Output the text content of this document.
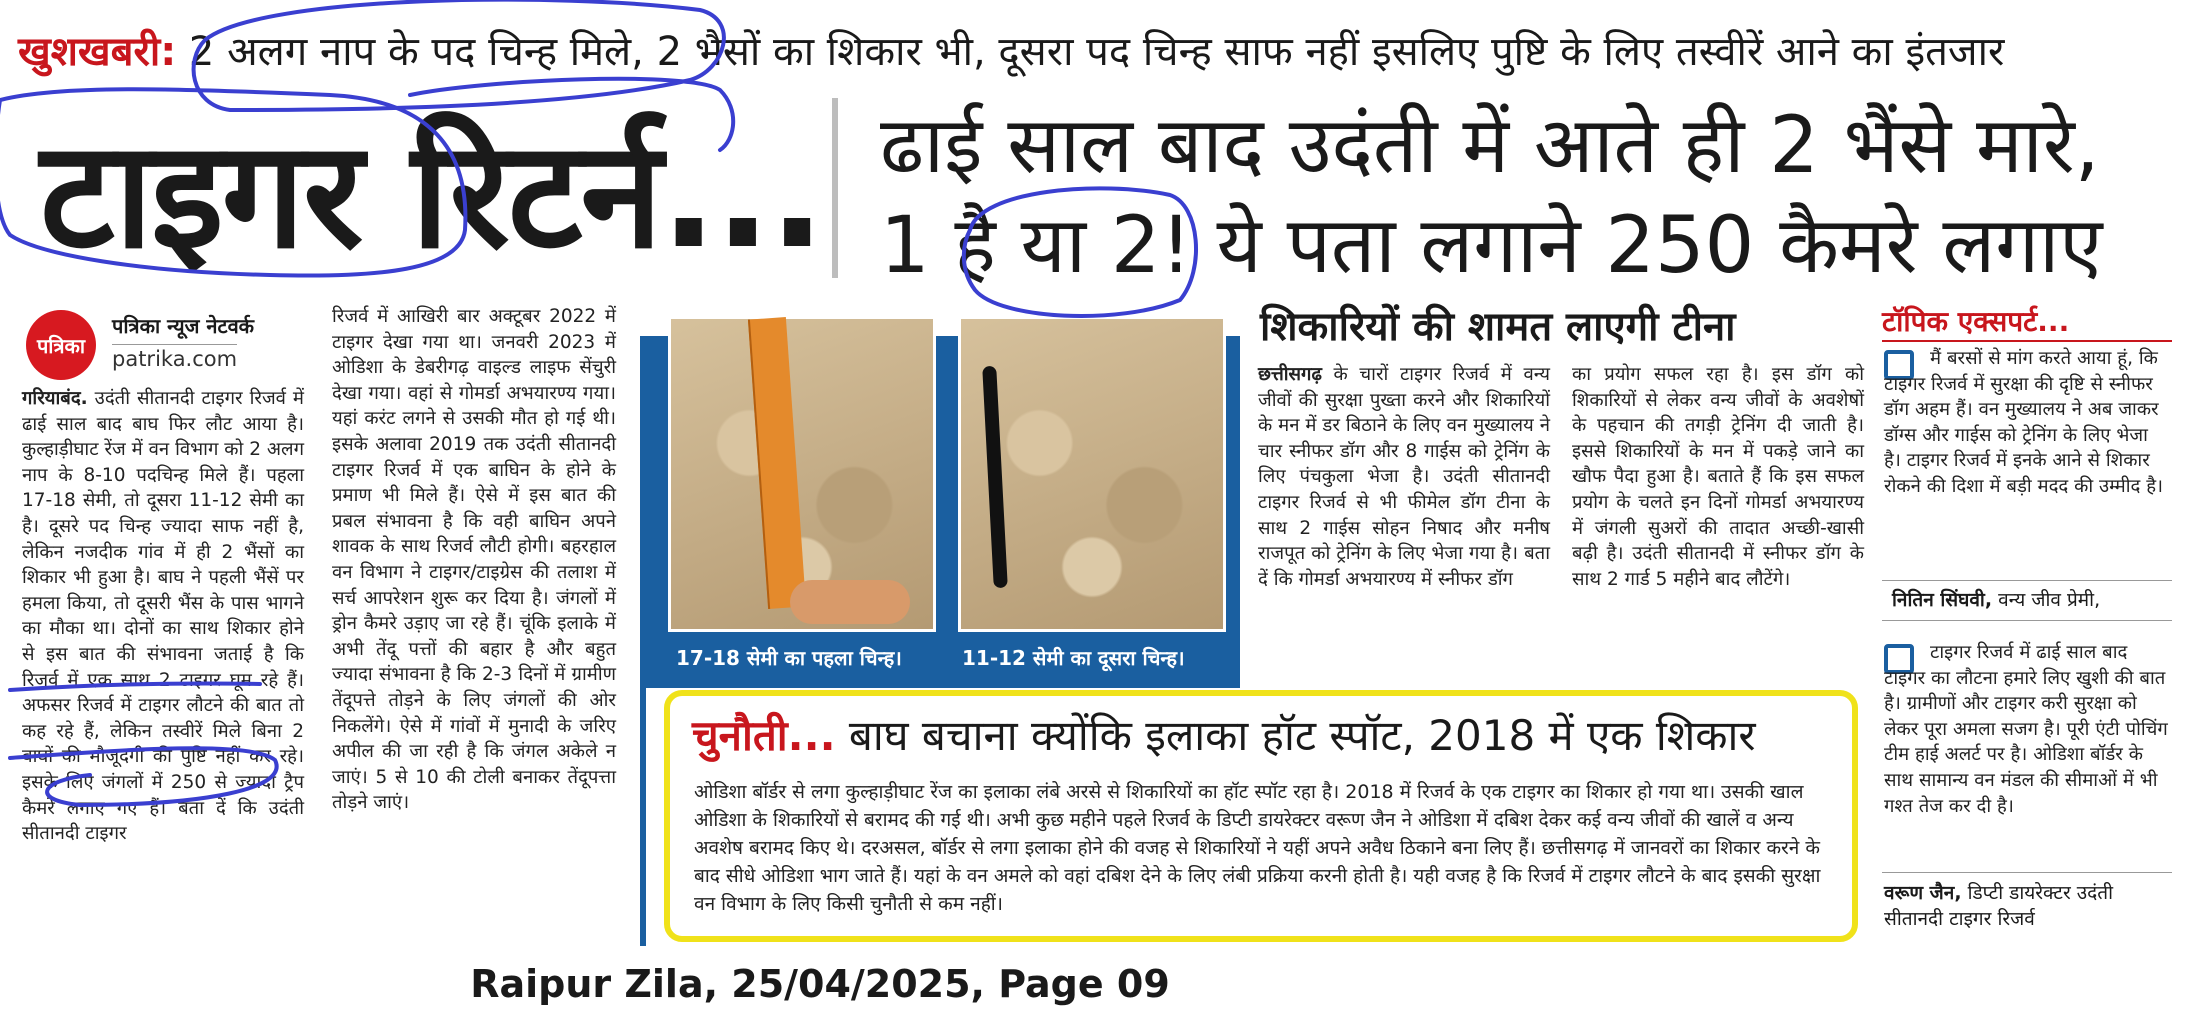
खुशखबरी: 2 अलग नाप के पद चिन्ह मिले, 2 भैसों का शिकार भी, दूसरा पद चिन्ह साफ नहीं इसलिए पुष्टि के लिए तस्वीरें आने का इंतजार
टाइगर रिटर्न... ढाई साल बाद उदंती में आते ही 2 भैंसे मारे,
1 है या 2! ये पता लगाने 250 कैमरे लगाए
पत्रिका
पत्रिका न्यूज नेटवर्क
patrika.com
गरियाबंद. उदंती सीतानदी टाइगर रिजर्व में ढाई साल बाद बाघ फिर लौट आया है। कुल्हाड़ीघाट रेंज में वन विभाग को 2 अलग नाप के 8-10 पदचिन्ह मिले हैं। पहला 17-18 सेमी, तो दूसरा 11-12 सेमी का है। दूसरे पद चिन्ह ज्यादा साफ नहीं है, लेकिन नजदीक गांव में ही 2 भैंसों का शिकार भी हुआ है। बाघ ने पहली भैंसें पर हमला किया, तो दूसरी भैंस के पास भागने का मौका था। दोनों का साथ शिकार होने से इस बात की संभावना जताई है कि रिजर्व में एक साथ 2 टाइगर घूम रहे हैं। अफसर रिजर्व में टाइगर लौटने की बात तो कह रहे हैं, लेकिन तस्वीरें मिले बिना 2 बाघों की मौजूदगी की पुष्टि नहीं कर रहे। इसके लिए जंगलों में 250 से ज्यादा ट्रैप कैमरे लगाए गए हैं। बता दें कि उदंती सीतानदी टाइगर
रिजर्व में आखिरी बार अक्टूबर 2022 में टाइगर देखा गया था। जनवरी 2023 में ओडिशा के डेबरीगढ़ वाइल्ड लाइफ सेंचुरी देखा गया। वहां से गोमर्डा अभयारण्य गया। यहां करंट लगने से उसकी मौत हो गई थी। इसके अलावा 2019 तक उदंती सीतानदी टाइगर रिजर्व में एक बाघिन के होने के प्रमाण भी मिले हैं। ऐसे में इस बात की प्रबल संभावना है कि वही बाघिन अपने शावक के साथ रिजर्व लौटी होगी। बहरहाल वन विभाग ने टाइगर/टाइग्रेस की तलाश में सर्च आपरेशन शुरू कर दिया है। जंगलों में ड्रोन कैमरे उड़ाए जा रहे हैं। चूंकि इलाके में अभी तेंदू पत्तों की बहार है और बहुत ज्यादा संभावना है कि 2-3 दिनों में ग्रामीण तेंदूपत्ते तोड़ने के लिए जंगलों की ओर निकलेंगे। ऐसे में गांवों में मुनादी के जरिए अपील की जा रही है कि जंगल अकेले न जाएं। 5 से 10 की टोली बनाकर तेंदूपत्ता तोड़ने जाएं।
17-18 सेमी का पहला चिन्ह।	11-12 सेमी का दूसरा चिन्ह।
शिकारियों की शामत लाएगी टीना
छत्तीसगढ़ के चारों टाइगर रिजर्व में वन्य जीवों की सुरक्षा पुख्ता करने और शिकारियों के मन में डर बिठाने के लिए वन मुख्यालय ने चार स्नीफर डॉग और 8 गाईस को ट्रेनिंग के लिए पंचकुला भेजा है। उदंती सीतानदी टाइगर रिजर्व से भी फीमेल डॉग टीना के साथ 2 गाईस सोहन निषाद और मनीष राजपूत को ट्रेनिंग के लिए भेजा गया है। बता दें कि गोमर्डा अभयारण्य में स्नीफर डॉग
का प्रयोग सफल रहा है। इस डॉग को शिकारियों से लेकर वन्य जीवों के अवशेषों के पहचान की तगड़ी ट्रेनिंग दी जाती है। इससे शिकारियों के मन में पकड़े जाने का खौफ पैदा हुआ है। बताते हैं कि इस सफल प्रयोग के चलते इन दिनों गोमर्डा अभयारण्य में जंगली सुअरों की तादात अच्छी-खासी बढ़ी है। उदंती सीतानदी में स्नीफर डॉग के साथ 2 गार्ड 5 महीने बाद लौटेंगे।
टॉपिक एक्सपर्ट...
मैं बरसों से मांग करते आया हूं, कि टाइगर रिजर्व में सुरक्षा की दृष्टि से स्नीफर डॉग अहम हैं। वन मुख्यालय ने अब जाकर डॉग्स और गाईस को ट्रेनिंग के लिए भेजा है। टाइगर रिजर्व में इनके आने से शिकार रोकने की दिशा में बड़ी मदद की उम्मीद है।
नितिन सिंघवी, वन्य जीव प्रेमी,
टाइगर रिजर्व में ढाई साल बाद टाइगर का लौटना हमारे लिए खुशी की बात है। ग्रामीणों और टाइगर करी सुरक्षा को लेकर पूरा अमला सजग है। पूरी एंटी पोचिंग टीम हाई अलर्ट पर है। ओडिशा बॉर्डर के साथ सामान्य वन मंडल की सीमाओं में भी गश्त तेज कर दी है।
वरूण जैन, डिप्टी डायरेक्टर उदंती सीतानदी टाइगर रिजर्व
चुनौती... बाघ बचाना क्योंकि इलाका हॉट स्पॉट, 2018 में एक शिकार
ओडिशा बॉर्डर से लगा कुल्हाड़ीघाट रेंज का इलाका लंबे अरसे से शिकारियों का हॉट स्पॉट रहा है। 2018 में रिजर्व के एक टाइगर का शिकार हो गया था। उसकी खाल ओडिशा के शिकारियों से बरामद की गई थी। अभी कुछ महीने पहले रिजर्व के डिप्टी डायरेक्टर वरूण जैन ने ओडिशा में दबिश देकर कई वन्य जीवों की खालें व अन्य अवशेष बरामद किए थे। दरअसल, बॉर्डर से लगा इलाका होने की वजह से शिकारियों ने यहीं अपने अवैध ठिकाने बना लिए हैं। छत्तीसगढ़ में जानवरों का शिकार करने के बाद सीधे ओडिशा भाग जाते हैं। यहां के वन अमले को वहां दबिश देने के लिए लंबी प्रक्रिया करनी होती है। यही वजह है कि रिजर्व में टाइगर लौटने के बाद इसकी सुरक्षा वन विभाग के लिए किसी चुनौती से कम नहीं।
Raipur Zila, 25/04/2025, Page 09
